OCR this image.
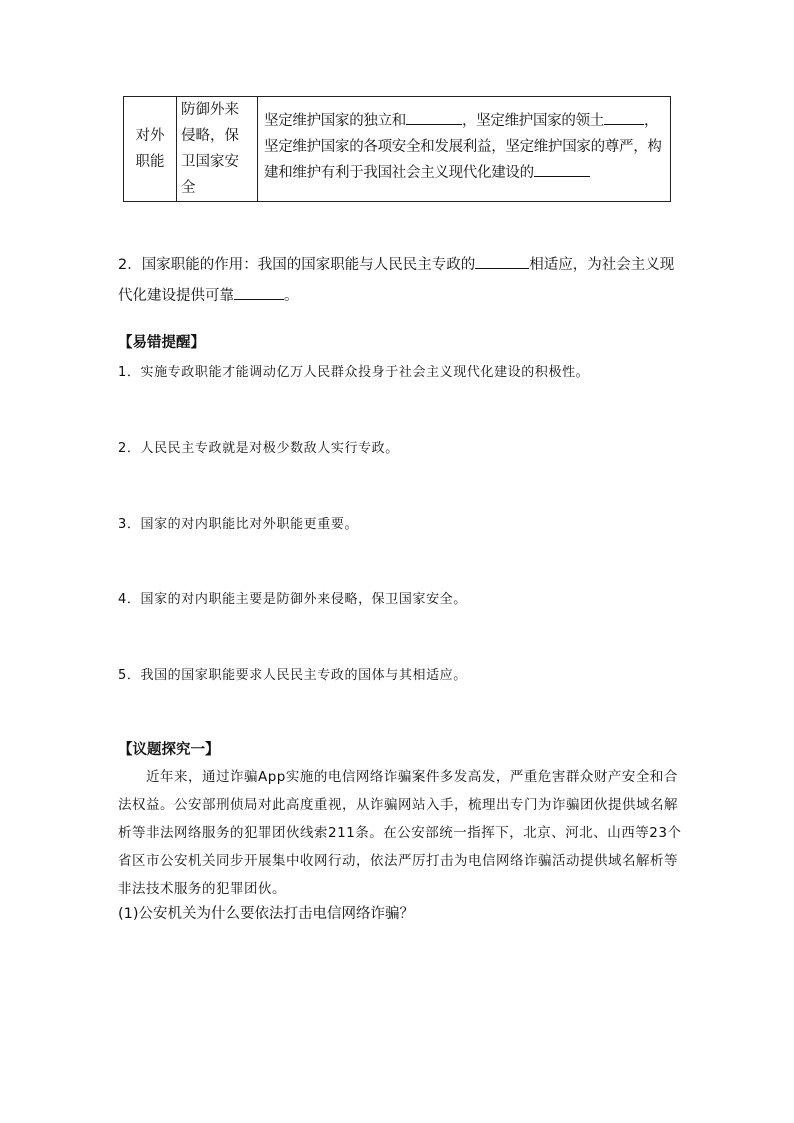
对外
职能
	防御外来侵略，保卫国家安全	坚定维护国家的独立和	，坚定维护国家的领土	，坚定维护国家的各项安全和发展利益，坚定维护国家的尊严，构建和维护有利于我国社会主义现代化建设的
2．国家职能的作用：我国的国家职能与人民民主专政的	相适应，为社会主义现代化建设提供可靠	。
【易错提醒】
1．实施专政职能才能调动亿万人民群众投身于社会主义现代化建设的积极性。
2．人民民主专政就是对极少数敌人实行专政。
3．国家的对内职能比对外职能更重要。
4．国家的对内职能主要是防御外来侵略，保卫国家安全。
5．我国的国家职能要求人民民主专政的国体与其相适应。
【议题探究一】
近年来，通过诈骗App实施的电信网络诈骗案件多发高发，严重危害群众财产安全和合法权益。公安部刑侦局对此高度重视，从诈骗网站入手，梳理出专门为诈骗团伙提供域名解析等非法网络服务的犯罪团伙线索211条。在公安部统一指挥下，北京、河北、山西等23个省区市公安机关同步开展集中收网行动，依法严厉打击为电信网络诈骗活动提供域名解析等非法技术服务的犯罪团伙。
(1)公安机关为什么要依法打击电信网络诈骗？
